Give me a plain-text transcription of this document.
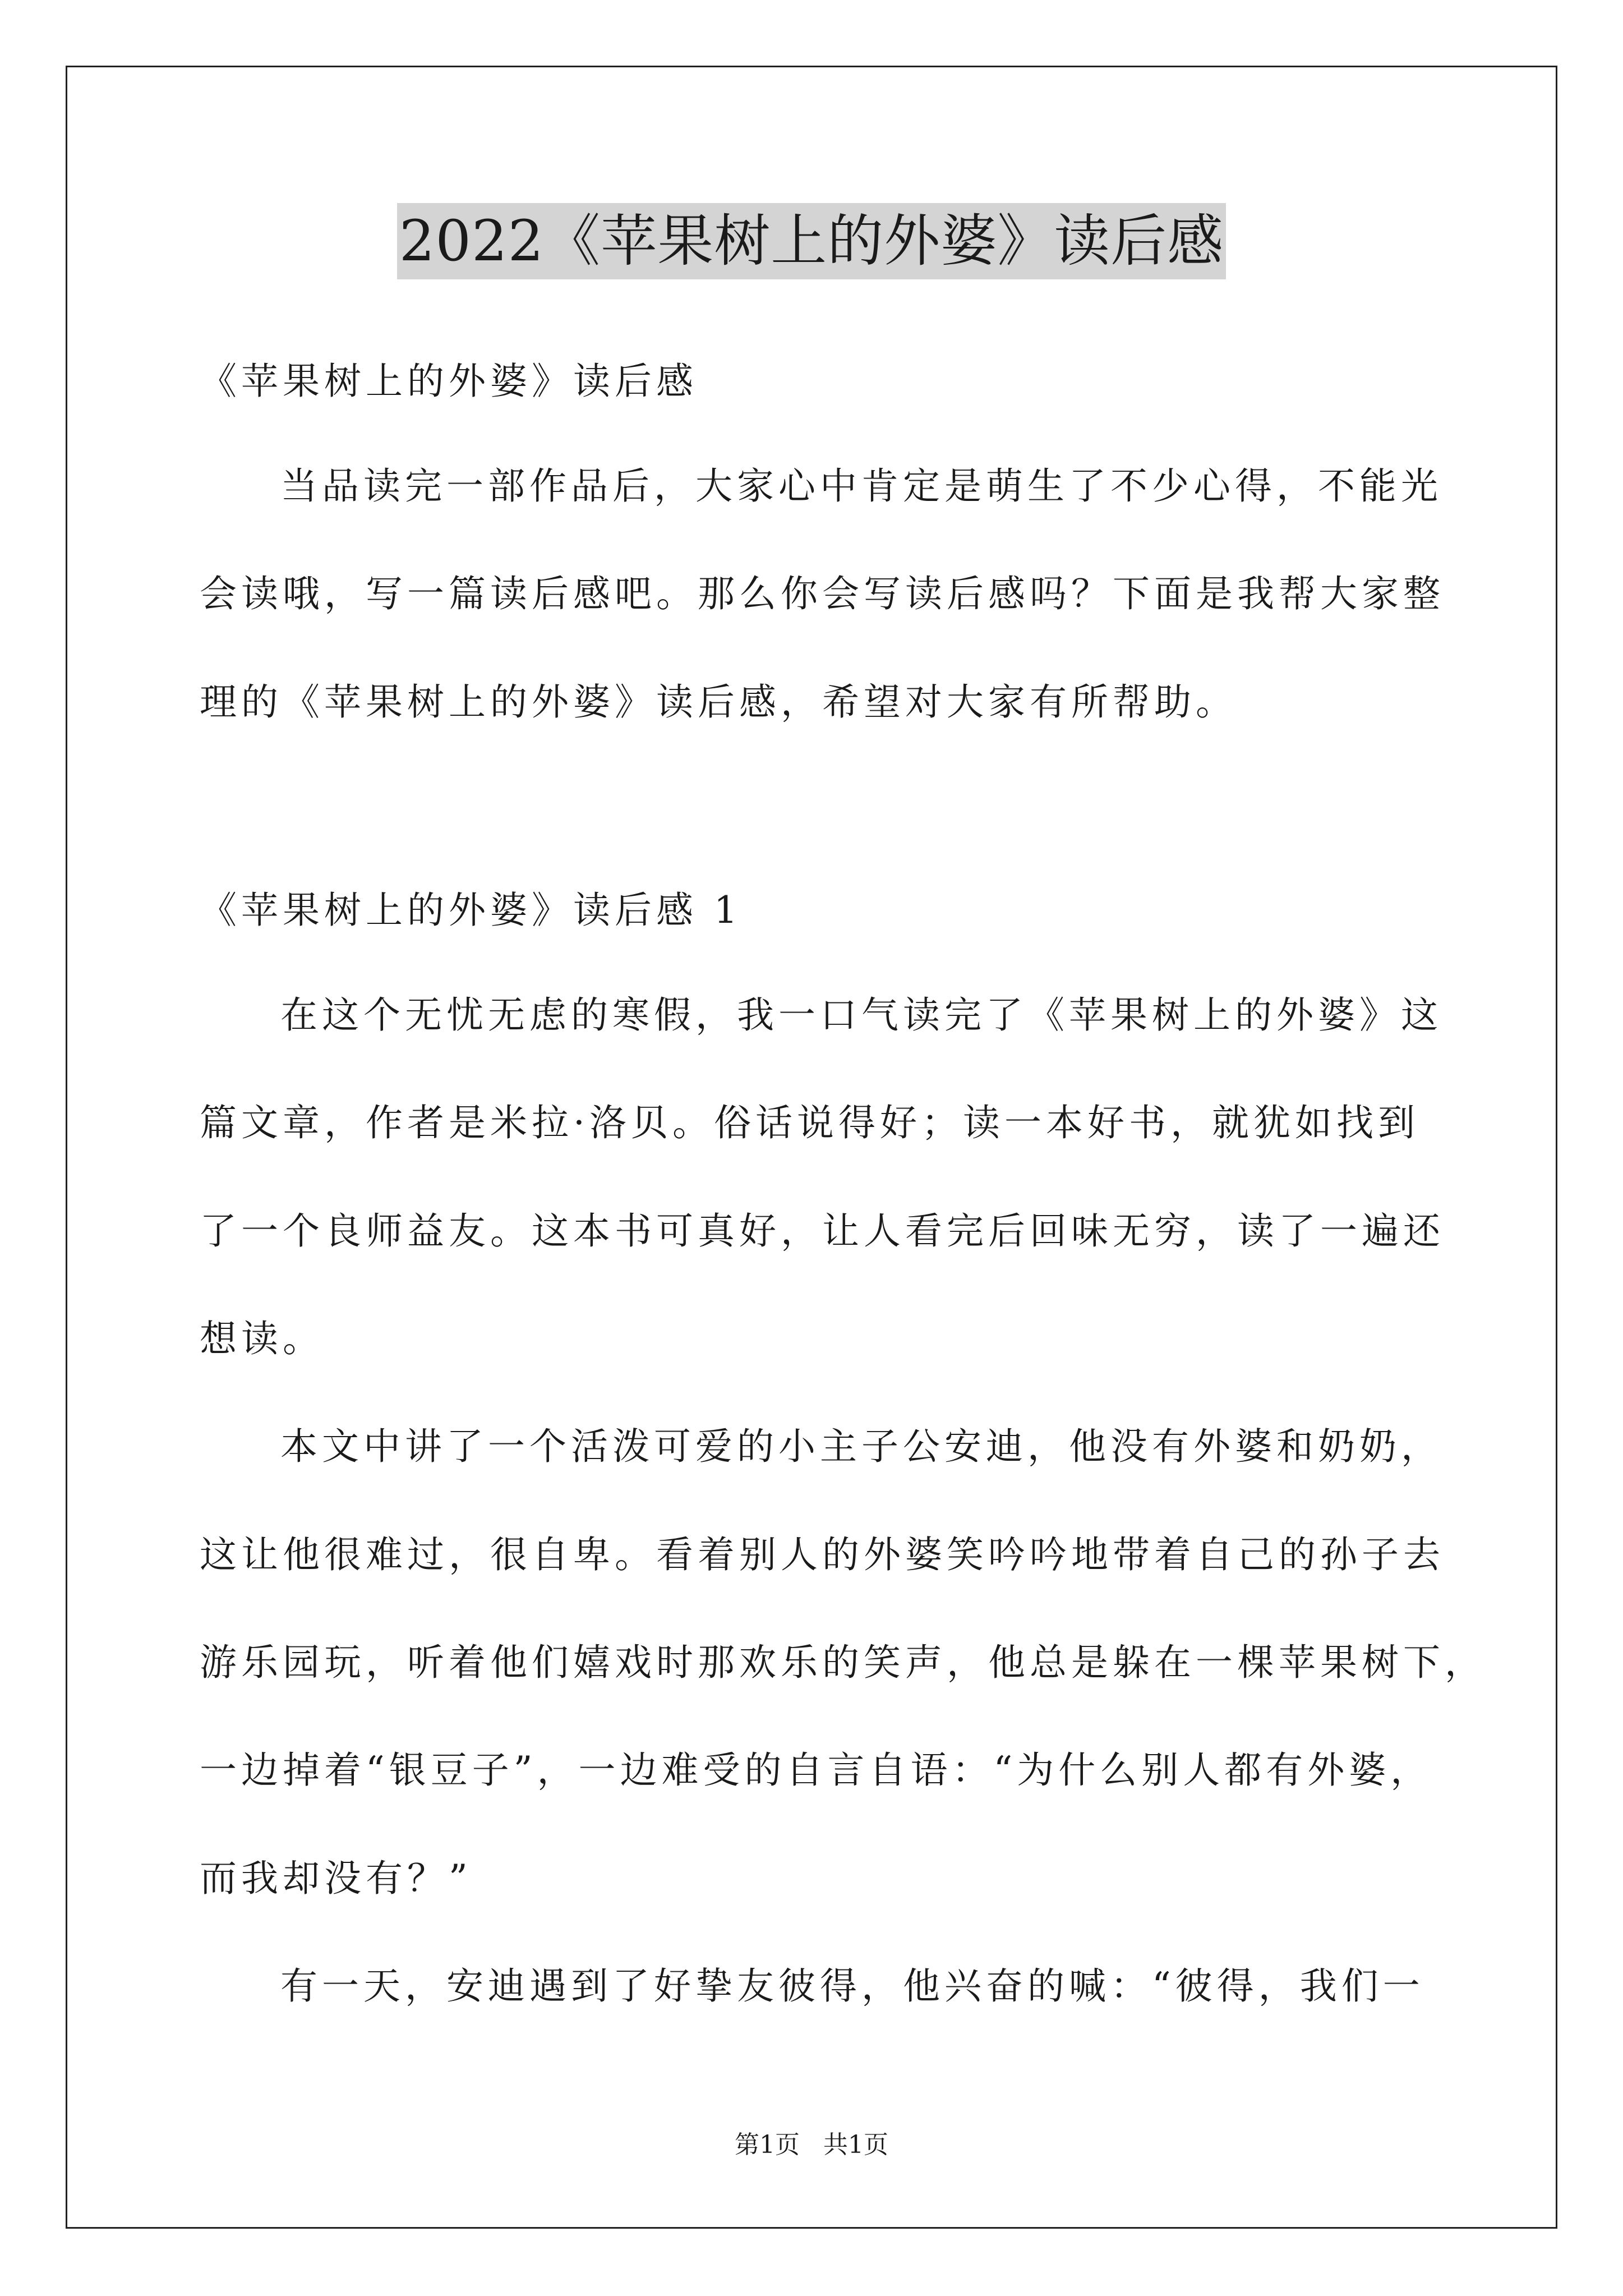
2022《苹果树上的外婆》读后感
《苹果树上的外婆》读后感
当品读完一部作品后，大家心中肯定是萌生了不少心得，不能光
会读哦，写一篇读后感吧。那么你会写读后感吗？下面是我帮大家整
理的《苹果树上的外婆》读后感，希望对大家有所帮助。
《苹果树上的外婆》读后感 1
在这个无忧无虑的寒假，我一口气读完了《苹果树上的外婆》这
篇文章，作者是米拉·洛贝。俗话说得好；读一本好书，就犹如找到
了一个良师益友。这本书可真好，让人看完后回味无穷，读了一遍还
想读。
本文中讲了一个活泼可爱的小主子公安迪，他没有外婆和奶奶，
这让他很难过，很自卑。看着别人的外婆笑吟吟地带着自己的孙子去
游乐园玩，听着他们嬉戏时那欢乐的笑声，他总是躲在一棵苹果树下，
一边掉着“银豆子”，一边难受的自言自语：“为什么别人都有外婆，
而我却没有？”
有一天，安迪遇到了好挚友彼得，他兴奋的喊：“彼得，我们一
第1页   共1页
